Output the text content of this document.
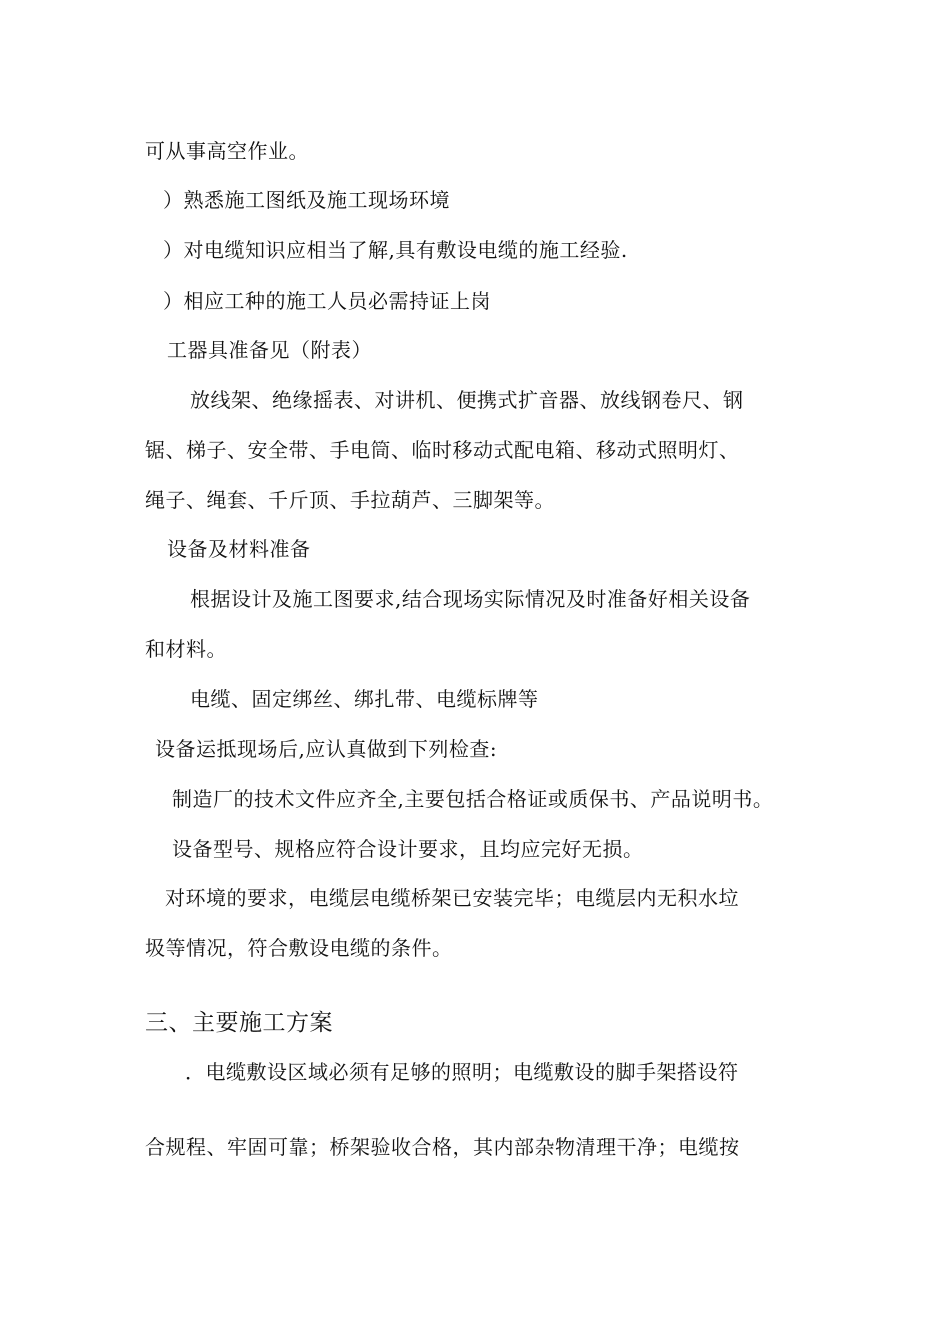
可从事高空作业。
）熟悉施工图纸及施工现场环境
）对电缆知识应相当了解,具有敷设电缆的施工经验.
）相应工种的施工人员必需持证上岗
工器具准备见（附表）
放线架、绝缘摇表、对讲机、便携式扩音器、放线钢卷尺、钢
锯、梯子、安全带、手电筒、临时移动式配电箱、移动式照明灯、
绳子、绳套、千斤顶、手拉葫芦、三脚架等。
设备及材料准备
根据设计及施工图要求,结合现场实际情况及时准备好相关设备
和材料。
电缆、固定绑丝、绑扎带、电缆标牌等
设备运抵现场后,应认真做到下列检查:
制造厂的技术文件应齐全,主要包括合格证或质保书、产品说明书。
设备型号、规格应符合设计要求，且均应完好无损。
对环境的要求，电缆层电缆桥架已安装完毕；电缆层内无积水垃
圾等情况，符合敷设电缆的条件。
三、主要施工方案
．电缆敷设区域必须有足够的照明；电缆敷设的脚手架搭设符
合规程、牢固可靠；桥架验收合格，其内部杂物清理干净；电缆按
